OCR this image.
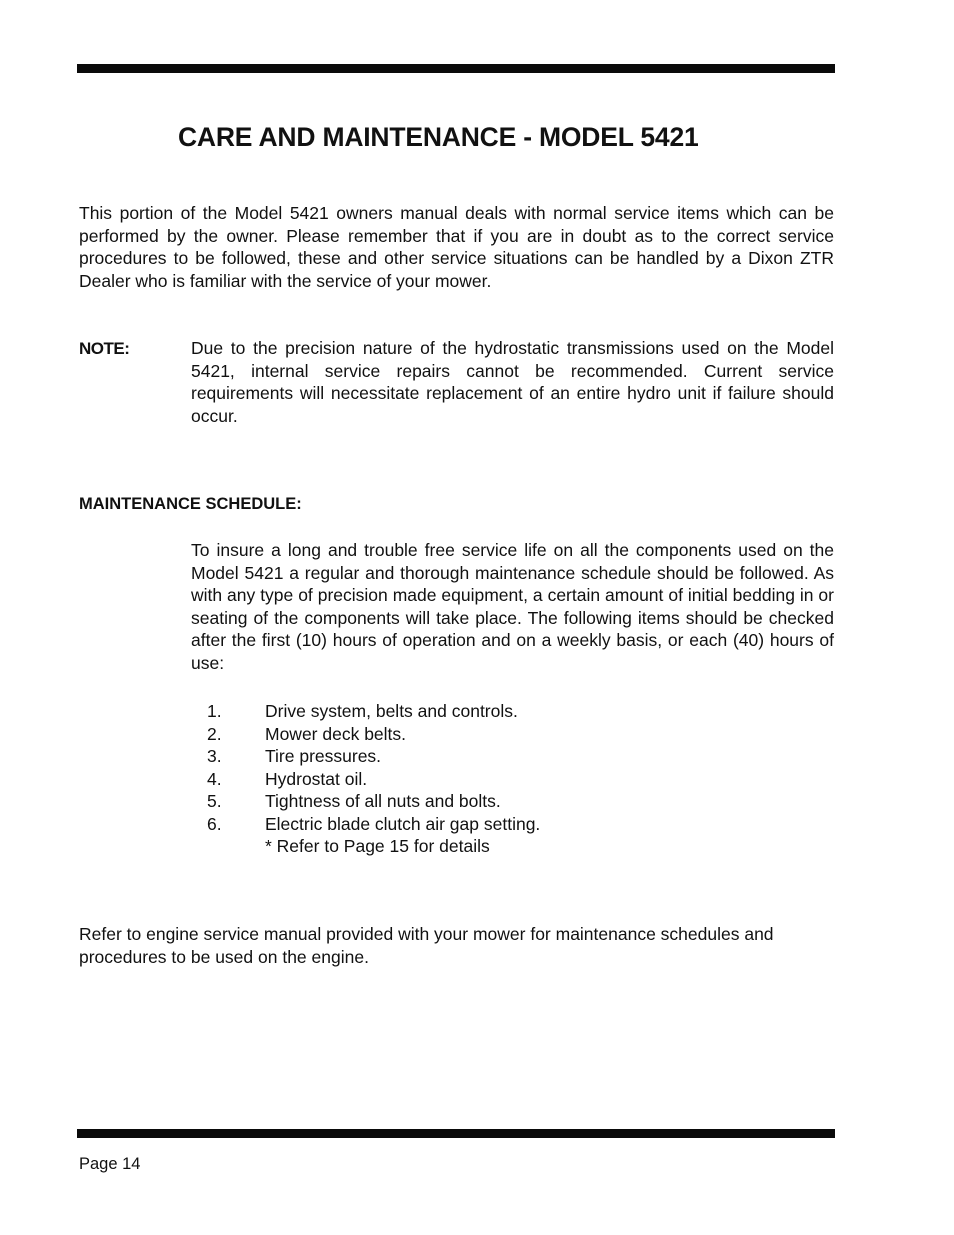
CARE AND MAINTENANCE - MODEL 5421
This portion of the Model 5421 owners manual deals with normal service items which can be performed by the owner. Please remember that if you are in doubt as to the correct service procedures to be followed, these and other service situations can be handled by a Dixon ZTR Dealer who is familiar with the service of your mower.
NOTE:	Due to the precision nature of the hydrostatic transmissions used on the Model 5421, internal service repairs cannot be recommended. Current service requirements will necessitate replacement of an entire hydro unit if failure should occur.
MAINTENANCE SCHEDULE:
To insure a long and trouble free service life on all the components used on the Model 5421 a regular and thorough maintenance schedule should be followed. As with any type of precision made equipment, a certain amount of initial bedding in or seating of the components will take place. The following items should be checked after the first (10) hours of operation and on a weekly basis, or each (40) hours of use:
1.	Drive system, belts and controls.
2.	Mower deck belts.
3.	Tire pressures.
4.	Hydrostat oil.
5.	Tightness of all nuts and bolts.
6.	Electric blade clutch air gap setting.
* Refer to Page 15 for details
Refer to engine service manual provided with your mower for maintenance schedules and procedures to be used on the engine.
Page 14
